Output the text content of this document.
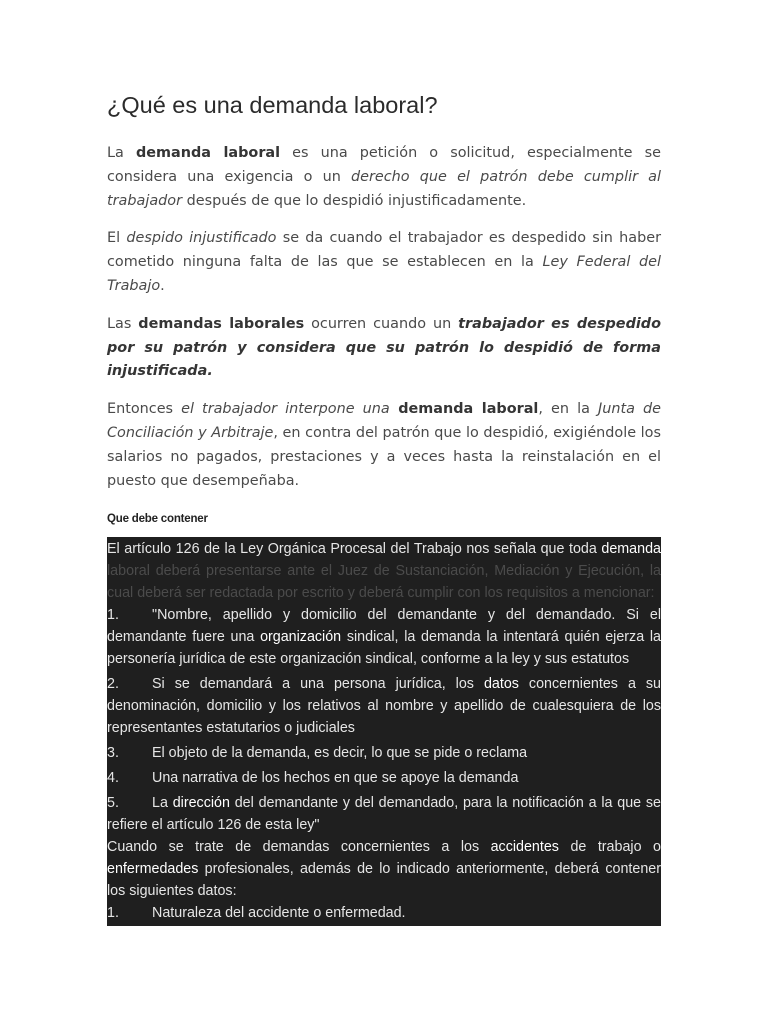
¿Qué es una demanda laboral?

La demanda laboral es una petición o solicitud, especialmente se considera una exigencia o un derecho que el patrón debe cumplir al trabajador después de que lo despidió injustificadamente.

El despido injustificado se da cuando el trabajador es despedido sin haber cometido ninguna falta de las que se establecen en la Ley Federal del Trabajo.

Las demandas laborales ocurren cuando un trabajador es despedido por su patrón y considera que su patrón lo despidió de forma injustificada.

Entonces el trabajador interpone una demanda laboral, en la Junta de Conciliación y Arbitraje, en contra del patrón que lo despidió, exigiéndole los salarios no pagados, prestaciones y a veces hasta la reinstalación en el puesto que desempeñaba.

Que debe contener

El artículo 126 de la Ley Orgánica Procesal del Trabajo nos señala que toda demanda laboral deberá presentarse ante el Juez de Sustanciación, Mediación y Ejecución, la cual deberá ser redactada por escrito y deberá cumplir con los requisitos a mencionar:

1. "Nombre, apellido y domicilio del demandante y del demandado. Si el demandante fuere una organización sindical, la demanda la intentará quién ejerza la personería jurídica de este organización sindical, conforme a la ley y sus estatutos

2. Si se demandará a una persona jurídica, los datos concernientes a su denominación, domicilio y los relativos al nombre y apellido de cualesquiera de los representantes estatutarios o judiciales

3. El objeto de la demanda, es decir, lo que se pide o reclama

4. Una narrativa de los hechos en que se apoye la demanda

5. La dirección del demandante y del demandado, para la notificación a la que se refiere el artículo 126 de esta ley"

Cuando se trate de demandas concernientes a los accidentes de trabajo o enfermedades profesionales, además de lo indicado anteriormente, deberá contener los siguientes datos:

1. Naturaleza del accidente o enfermedad.
